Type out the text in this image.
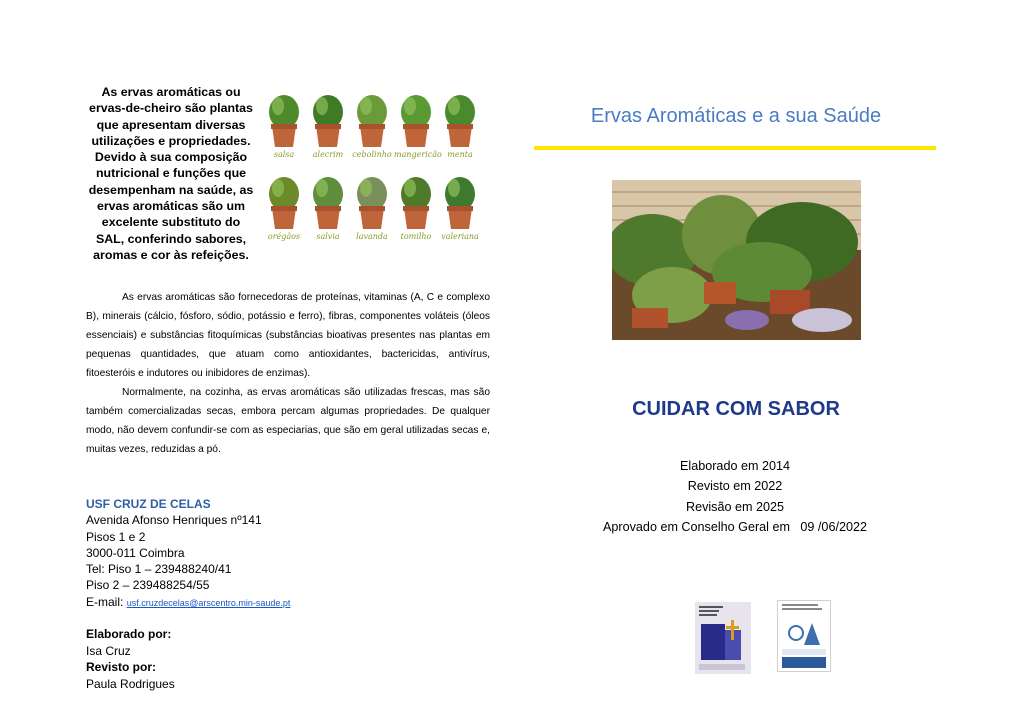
As ervas aromáticas ou ervas-de-cheiro são plantas que apresentam diversas utilizações e propriedades. Devido à sua composição nutricional e funções que desempenham na saúde, as ervas aromáticas são um excelente substituto do SAL, conferindo sabores, aromas e cor às refeições.
salsa	alecrim	cebolinho mangericão menta
orégãos	salvia	lavanda	tomilho	valeriana

As ervas aromáticas são fornecedoras de proteínas, vitaminas (A, C e complexo B), minerais (cálcio, fósforo, sódio, potássio e ferro), fibras, componentes voláteis (óleos essenciais) e substâncias fitoquímicas (substâncias bioativas presentes nas plantas em pequenas quantidades, que atuam como antioxidantes, bactericidas, antivírus, fitoesteróis e indutores ou inibidores de enzimas).

Normalmente, na cozinha, as ervas aromáticas são utilizadas frescas, mas são também comercializadas secas, embora percam algumas propriedades. De qualquer modo, não devem confundir-se com as especiarias, que são em geral utilizadas secas e, muitas vezes, reduzidas a pó.

USF CRUZ DE CELAS
Avenida Afonso Henriques nº141
Pisos 1 e 2
3000-011 Coimbra
Tel: Piso 1 – 239488240/41
Piso 2 – 239488254/55
E-mail: usf.cruzdecelas@arscentro.min-saude.pt
Elaborado por:
Isa Cruz
Revisto por:
Paula Rodrigues
Ervas Aromáticas e a sua Saúde
CUIDAR COM SABOR
Elaborado em 2014
Revisto em 2022
Revisão em 2025
Aprovado em Conselho Geral em   09 /06/2022
